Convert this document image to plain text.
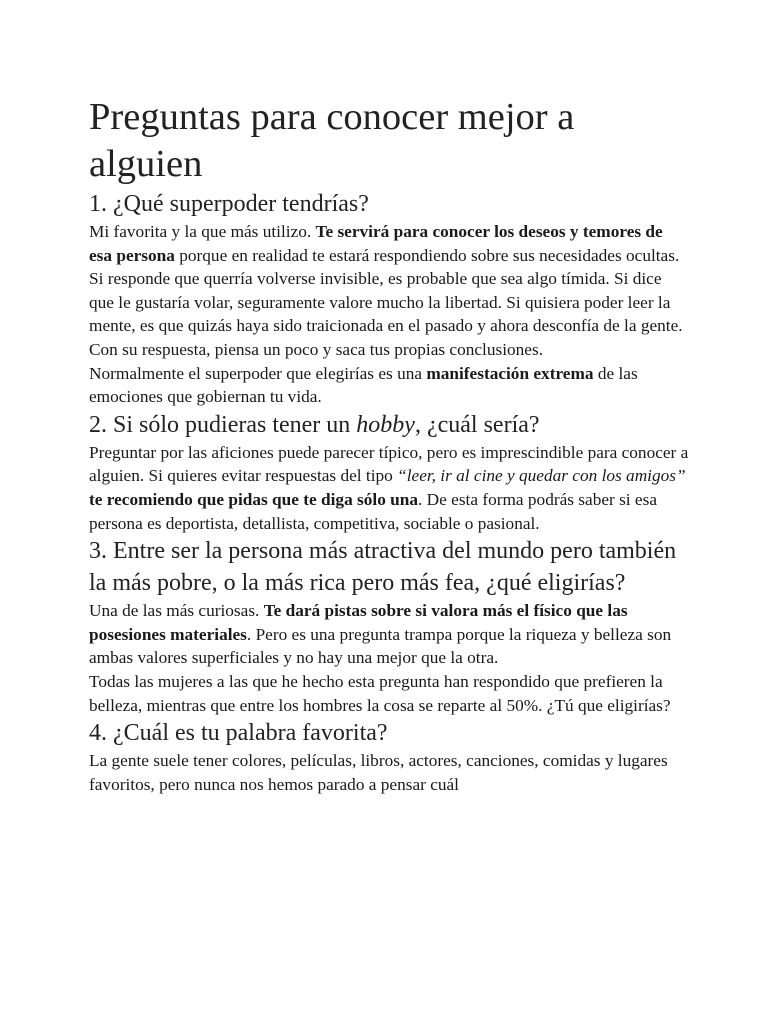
Preguntas para conocer mejor a alguien
1. ¿Qué superpoder tendrías?

Mi favorita y la que más utilizo. Te servirá para conocer los deseos y temores de esa persona porque en realidad te estará respondiendo sobre sus necesidades ocultas.

Si responde que querría volverse invisible, es probable que sea algo tímida. Si dice que le gustaría volar, seguramente valore mucho la libertad. Si quisiera poder leer la mente, es que quizás haya sido traicionada en el pasado y ahora desconfía de la gente.

Con su respuesta, piensa un poco y saca tus propias conclusiones.

Normalmente el superpoder que elegirías es una manifestación extrema de las emociones que gobiernan tu vida.

2. Si sólo pudieras tener un hobby, ¿cuál sería?

Preguntar por las aficiones puede parecer típico, pero es imprescindible para conocer a alguien. Si quieres evitar respuestas del tipo “leer, ir al cine y quedar con los amigos” te recomiendo que pidas que te diga sólo una. De esta forma podrás saber si esa persona es deportista, detallista, competitiva, sociable o pasional.

3. Entre ser la persona más atractiva del mundo pero también la más pobre, o la más rica pero más fea, ¿qué eligirías?

Una de las más curiosas. Te dará pistas sobre si valora más el físico que las posesiones materiales. Pero es una pregunta trampa porque la riqueza y belleza son ambas valores superficiales y no hay una mejor que la otra.

Todas las mujeres a las que he hecho esta pregunta han respondido que prefieren la belleza, mientras que entre los hombres la cosa se reparte al 50%. ¿Tú que eligirías?

4. ¿Cuál es tu palabra favorita?

La gente suele tener colores, películas, libros, actores, canciones, comidas y lugares favoritos, pero nunca nos hemos parado a pensar cuál
